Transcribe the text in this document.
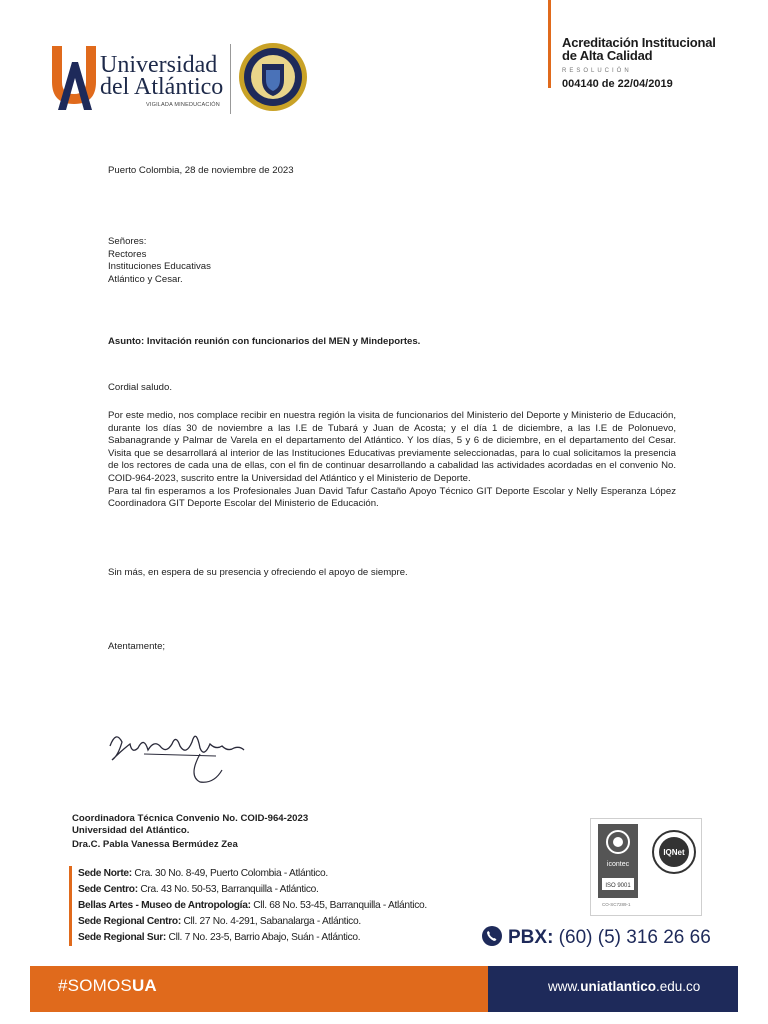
Universidad
del Atlántico
VIGILADA MINEDUCACIÓN
Acreditación Institucional
de Alta Calidad
RESOLUCIÓN
004140 de 22/04/2019
Puerto Colombia, 28 de noviembre de 2023
Señores:
Rectores
Instituciones Educativas
Atlántico y Cesar.
Asunto: Invitación reunión con funcionarios del MEN y Mindeportes.
Cordial saludo.

Por este medio, nos complace recibir en nuestra región la visita de funcionarios del Ministerio del Deporte y Ministerio de Educación, durante los días 30 de noviembre a las I.E de Tubará y Juan de Acosta; y el día 1 de diciembre, a las I.E de Polonuevo, Sabanagrande y Palmar de Varela en el departamento del Atlántico. Y los días, 5 y 6 de diciembre, en el departamento del Cesar. Visita que se desarrollará al interior de las Instituciones Educativas previamente seleccionadas, para lo cual solicitamos la presencia de los rectores de cada una de ellas, con el fin de continuar desarrollando a cabalidad las actividades acordadas en el convenio No. COID-964-2023, suscrito entre la Universidad del Atlántico y el Ministerio de Deporte.

Para tal fin esperamos a los Profesionales Juan David Tafur Castaño Apoyo Técnico GIT Deporte Escolar y Nelly Esperanza López Coordinadora GIT Deporte Escolar del Ministerio de Educación.

Sin más, en espera de su presencia y ofreciendo el apoyo de siempre.
Atentamente;
Coordinadora Técnica Convenio No. COID-964-2023
Universidad del Atlántico.
Dra.C. Pabla Vanessa Bermúdez Zea
Sede Norte: Cra. 30 No. 8-49, Puerto Colombia - Atlántico.
Sede Centro: Cra. 43 No. 50-53, Barranquilla - Atlántico.
Bellas Artes - Museo de Antropología: Cll. 68 No. 53-45, Barranquilla - Atlántico.
Sede Regional Centro: Cll. 27 No. 4-291, Sabanalarga - Atlántico.
Sede Regional Sur: Cll. 7 No. 23-5, Barrio Abajo, Suán - Atlántico.
icontec
ISO 9001
IQNet
CO-SC7289-1
PBX: (60) (5) 316 26 66
#SOMOSUA	www.uniatlantico.edu.co
